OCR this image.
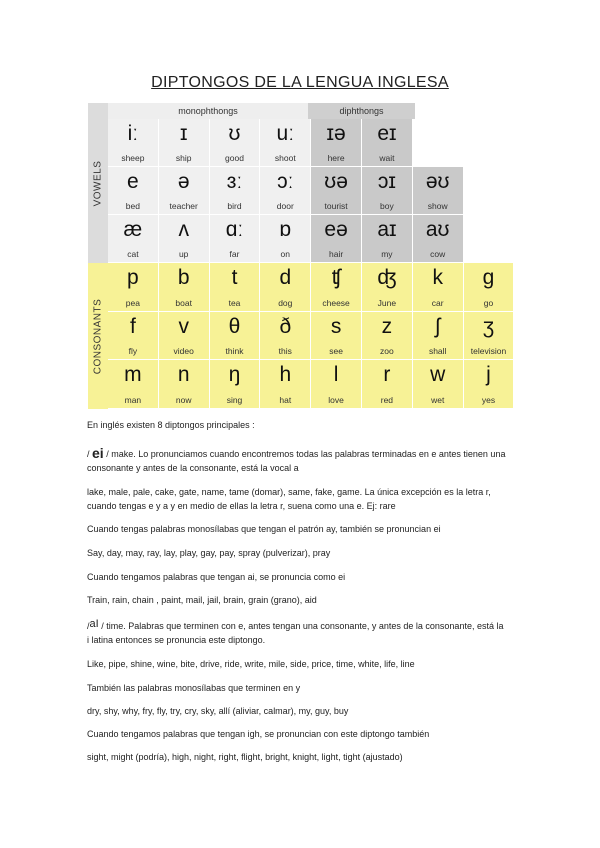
DIPTONGOS DE LA LENGUA INGLESA
VOWELS
CONSONANTS
monophthongs	diphthongs
iː
sheep
ɪ
ship
ʊ
good
uː
shoot
ɪə
here
eɪ
wait
e
bed
ə
teacher
ɜː
bird
ɔː
door
ʊə
tourist
ɔɪ
boy
əʊ
show
æ
cat
ʌ
up
ɑː
far
ɒ
on
eə
hair
aɪ
my
aʊ
cow
p
pea
b
boat
t
tea
d
dog
ʧ
cheese
ʤ
June
k
car
g
go
f
fly
v
video
θ
think
ð
this
s
see
z
zoo
ʃ
shall
ʒ
television
m
man
n
now
ŋ
sing
h
hat
l
love
r
red
w
wet
j
yes
En inglés existen 8 diptongos principales :

/ ei / make. Lo pronunciamos cuando encontremos todas las palabras terminadas en e antes tienen una consonante y antes de la consonante, está la vocal a

lake, male, pale, cake, gate, name, tame (domar), same, fake, game. La única excepción es la letra r, cuando tengas e y a y en medio de ellas la letra r, suena como una e. Ej: rare
Cuando tengas palabras monosílabas que tengan el patrón ay, también se pronuncian ei
Say, day, may, ray, lay, play, gay, pay, spray (pulverizar), pray
Cuando tengamos palabras que tengan ai, se pronuncia como ei
Train, rain, chain , paint, mail, jail, brain, grain (grano), aid

/aI / time. Palabras que terminen con e, antes tengan una consonante, y antes de la consonante, está la i latina entonces se pronuncia este diptongo.

Like, pipe, shine, wine, bite, drive, ride, write, mile, side, price, time, white, life, line
También las palabras monosílabas que terminen en y
dry, shy, why, fry, fly, try, cry, sky, allí (aliviar, calmar), my, guy, buy
Cuando tengamos palabras que tengan igh, se pronuncian con este diptongo también
sight, might (podría), high, night, right, flight, bright, knight, light, tight (ajustado)
